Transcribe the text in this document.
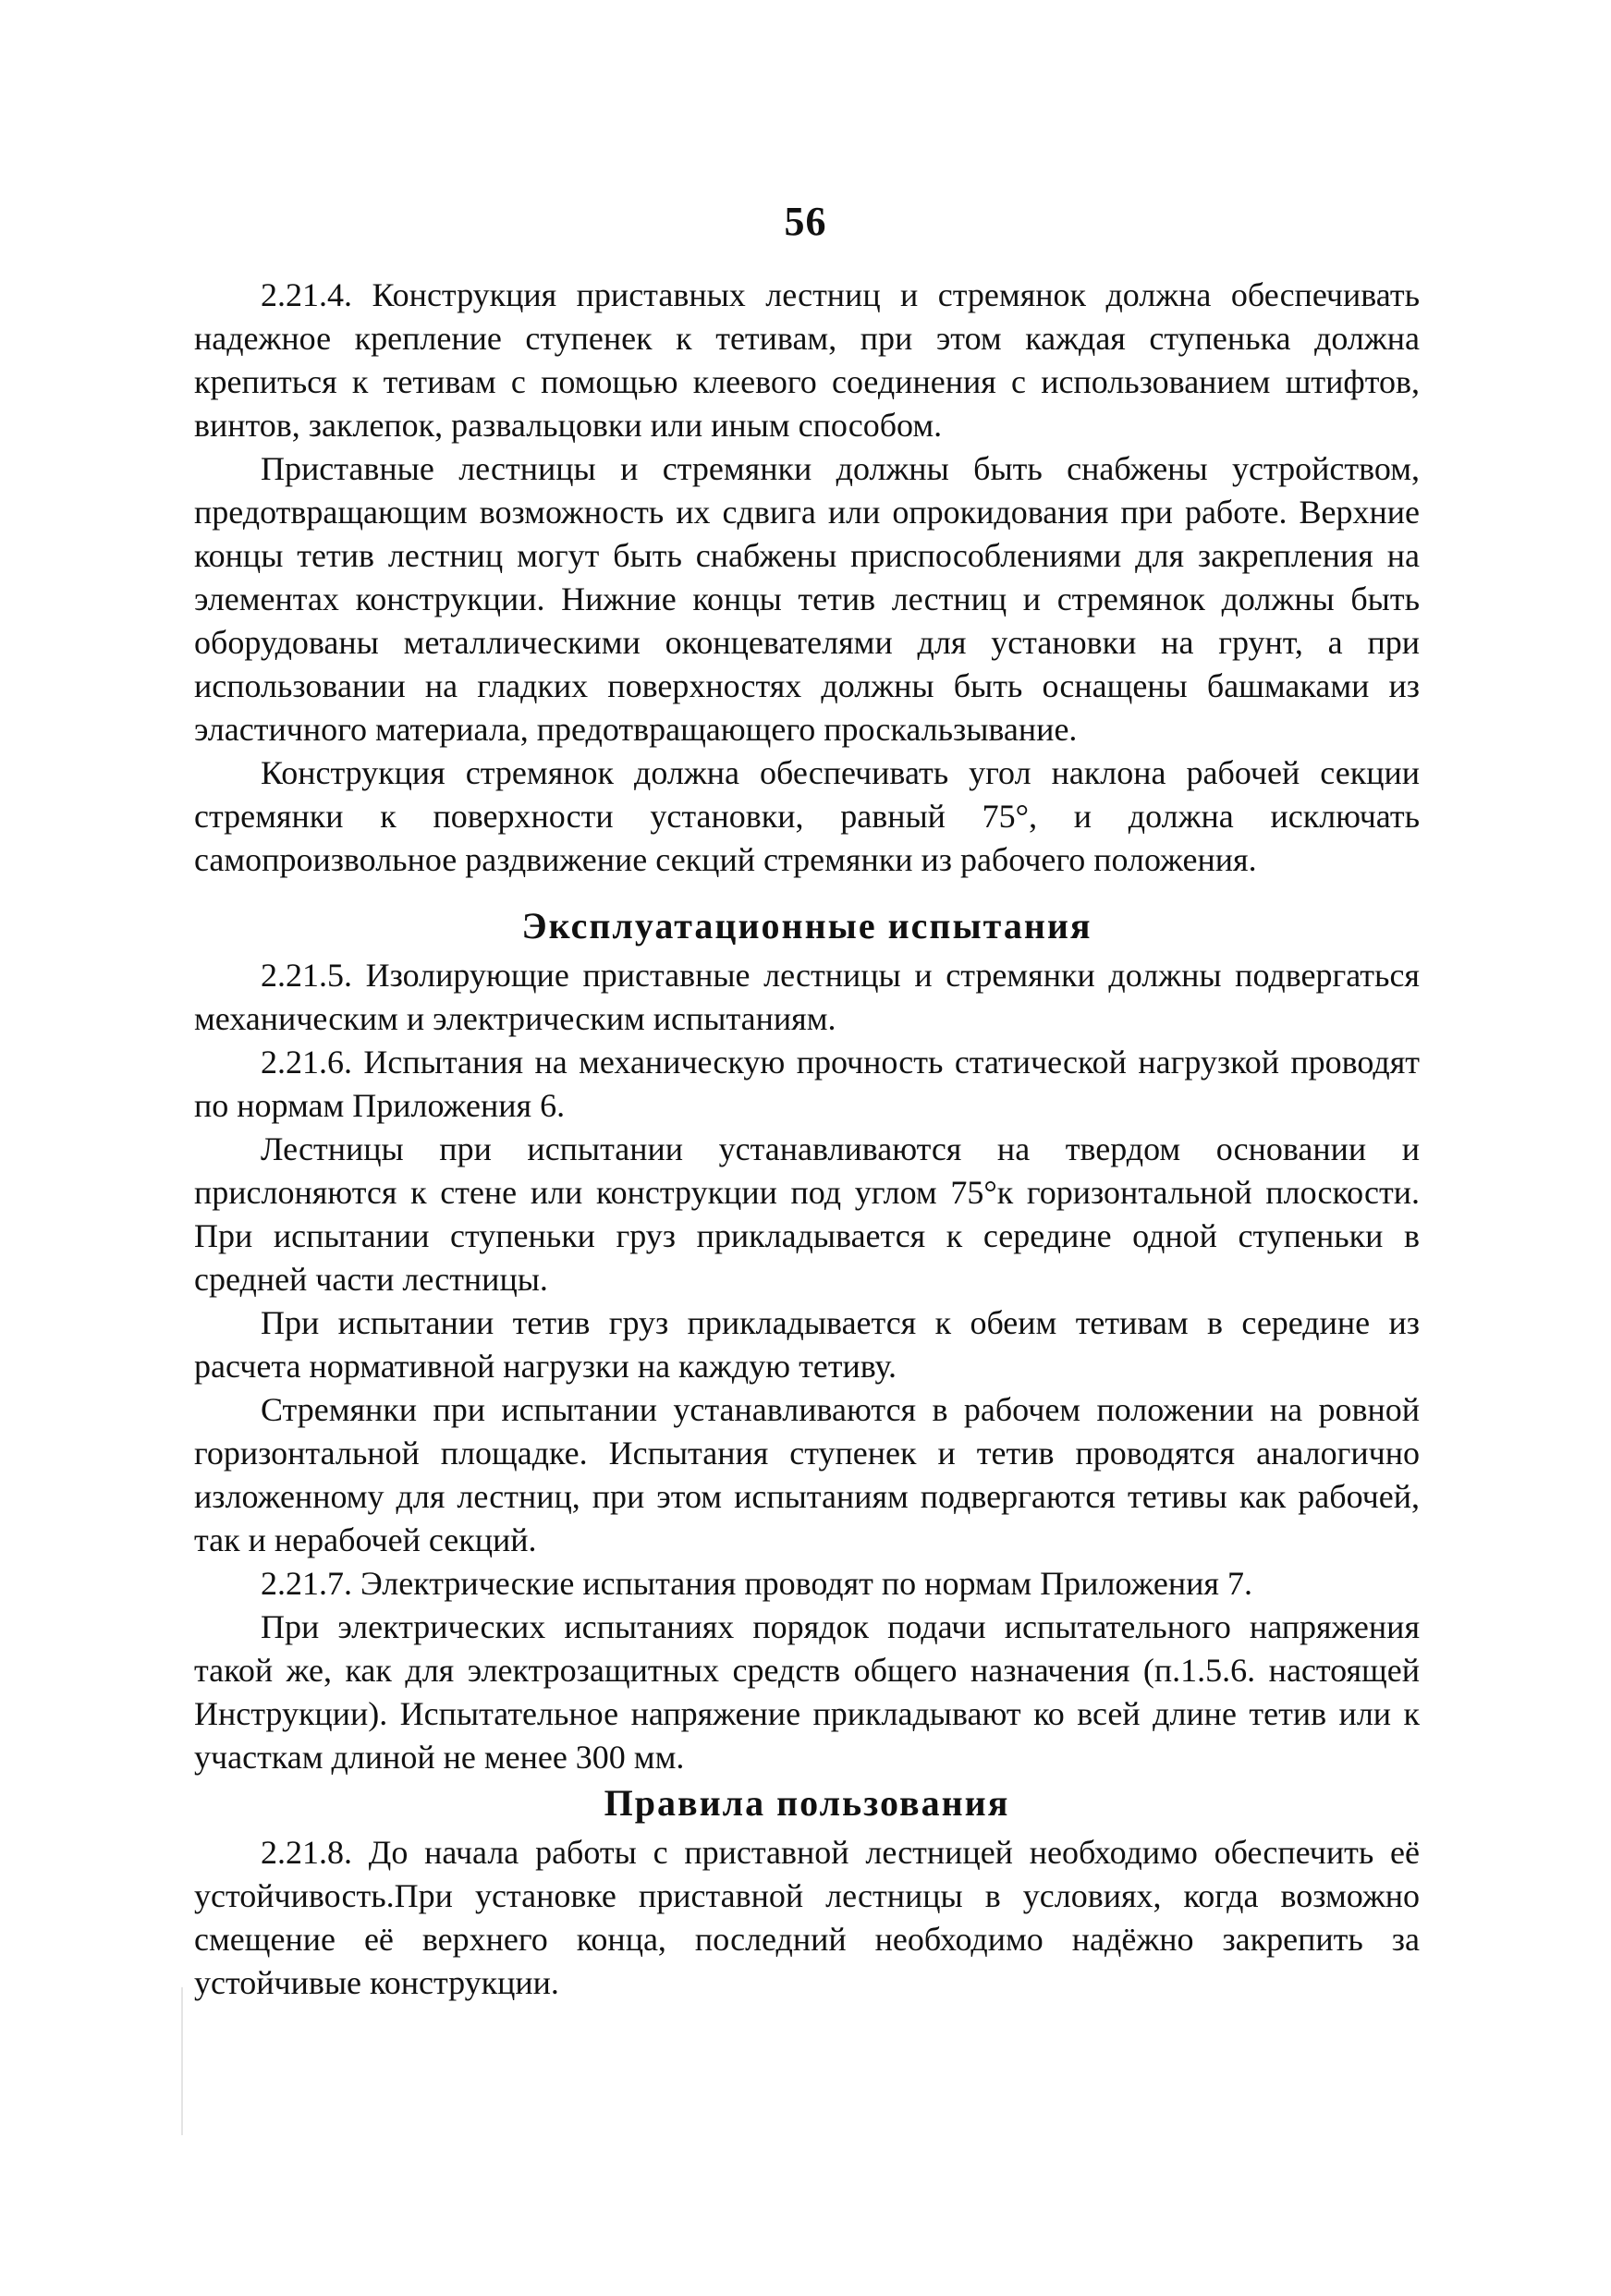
56

2.21.4. Конструкция приставных лестниц и стремянок должна обеспечивать надежное крепление ступенек к тетивам, при этом каждая ступенька должна крепиться к тетивам с помощью клеевого соединения с использованием штифтов, винтов, заклепок, развальцовки или иным способом.

Приставные лестницы и стремянки должны быть снабжены устройством, предотвращающим возможность их сдвига или опрокидования при работе. Верхние концы тетив лестниц могут быть снабжены приспособлениями для закрепления на элементах конструкции. Нижние концы тетив лестниц и стремянок должны быть оборудованы металлическими оконцевателями для установки на грунт, а при использовании на гладких поверхностях должны быть оснащены башмаками из эластичного материала, предотвращающего проскальзывание.

Конструкция стремянок должна обеспечивать угол наклона рабочей секции стремянки к поверхности установки, равный 75°, и должна исключать самопроизвольное раздвижение секций стремянки из рабочего положения.

Эксплуатационные испытания

2.21.5. Изолирующие приставные лестницы и стремянки должны подвергаться механическим и электрическим испытаниям.

2.21.6. Испытания на механическую прочность статической нагрузкой проводят по нормам Приложения 6.

Лестницы при испытании устанавливаются на твердом основании и прислоняются к стене или конструкции под углом 75°к горизонтальной плоскости. При испытании ступеньки груз прикладывается к середине одной ступеньки в средней части лестницы.

При испытании тетив груз прикладывается к обеим тетивам в середине из расчета нормативной нагрузки на каждую тетиву.

Стремянки при испытании устанавливаются в рабочем положении на ровной горизонтальной площадке. Испытания ступенек и тетив проводятся аналогично изложенному для лестниц, при этом испытаниям подвергаются тетивы как рабочей, так и нерабочей секций.

2.21.7. Электрические испытания проводят по нормам Приложения 7.

При электрических испытаниях порядок подачи испытательного напряжения такой же, как для электрозащитных средств общего назначения (п.1.5.6. настоящей Инструкции). Испытательное напряжение прикладывают ко всей длине тетив или к участкам длиной не менее 300 мм.

Правила пользования

2.21.8. До начала работы с приставной лестницей необходимо обеспечить её устойчивость.При установке приставной лестницы в условиях, когда возможно смещение её верхнего конца, последний необходимо надёжно закрепить за устойчивые конструкции.
